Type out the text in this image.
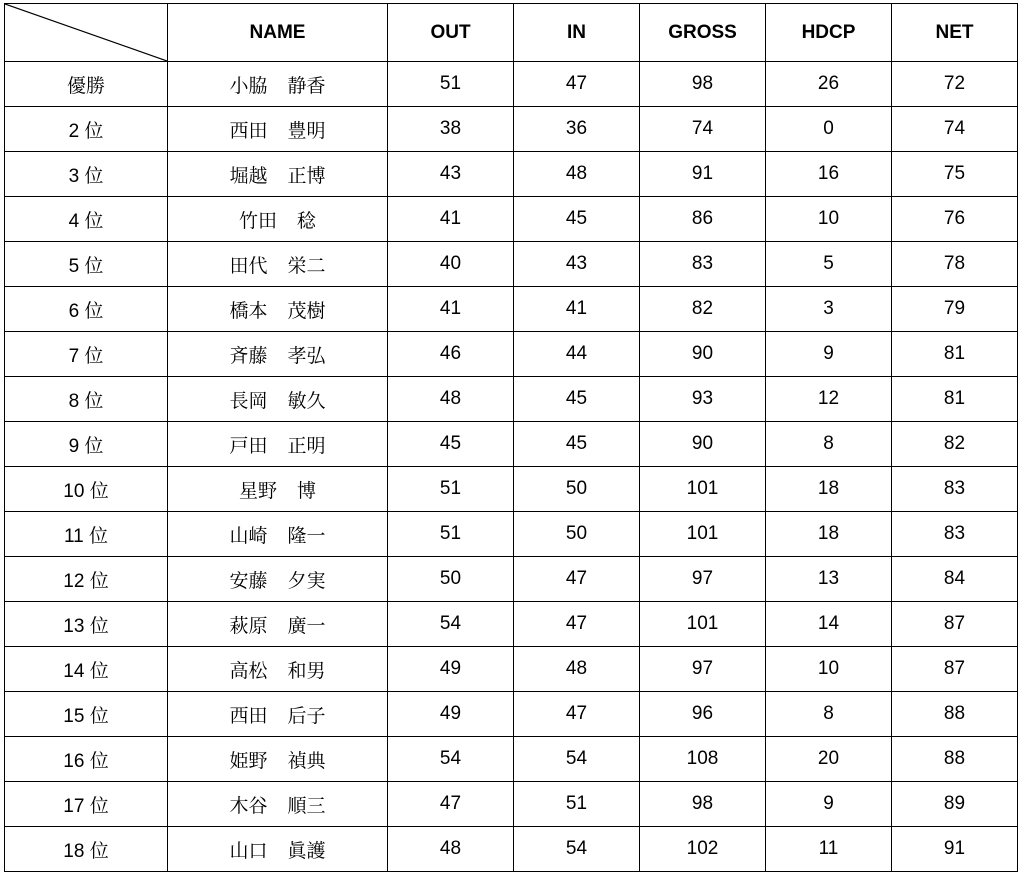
	NAME	OUT	IN	GROSS	HDCP	NET
優勝	小脇 静香	51	47	98	26	72
2 位	西田 豊明	38	36	74	0	74
3 位	堀越 正博	43	48	91	16	75
4 位	竹田 稔	41	45	86	10	76
5 位	田代 栄二	40	43	83	5	78
6 位	橋本 茂樹	41	41	82	3	79
7 位	斉藤 孝弘	46	44	90	9	81
8 位	長岡 敏久	48	45	93	12	81
9 位	戸田 正明	45	45	90	8	82
10 位	星野 博	51	50	101	18	83
11 位	山崎 隆一	51	50	101	18	83
12 位	安藤 夕実	50	47	97	13	84
13 位	萩原 廣一	54	47	101	14	87
14 位	高松 和男	49	48	97	10	87
15 位	西田 后子	49	47	96	8	88
16 位	姫野 禎典	54	54	108	20	88
17 位	木谷 順三	47	51	98	9	89
18 位	山口 眞護	48	54	102	11	91
